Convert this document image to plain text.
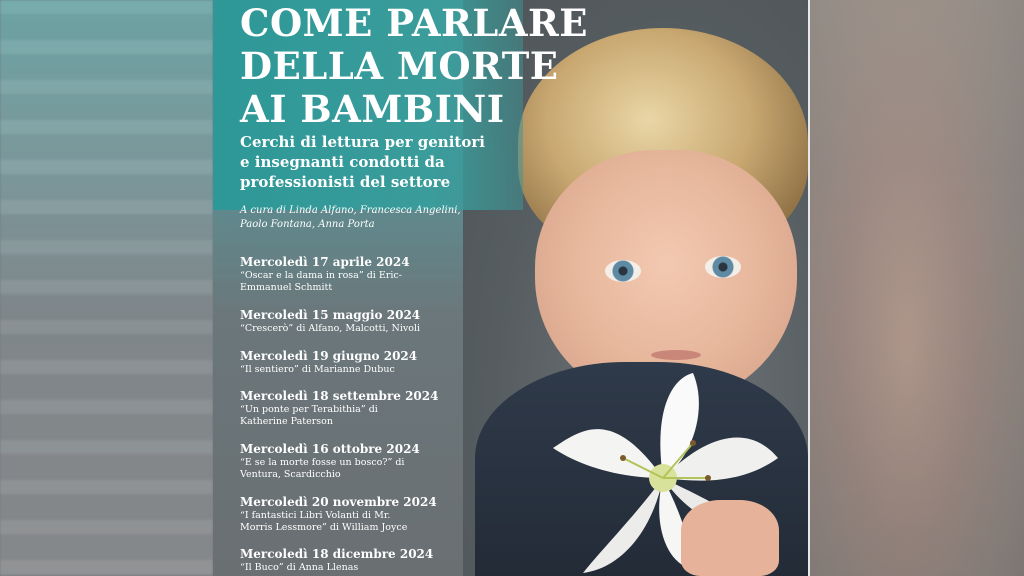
COME PARLARE
DELLA MORTE
AI BAMBINI
Cerchi di lettura per genitori
e insegnanti condotti da
professionisti del settore
A cura di Linda Alfano, Francesca Angelini,
Paolo Fontana, Anna Porta
Mercoledì 17 aprile 2024
“Oscar e la dama in rosa” di Eric-
Emmanuel Schmitt
Mercoledì 15 maggio 2024
“Crescerò” di Alfano, Malcotti, Nivoli
Mercoledì 19 giugno 2024
“Il sentiero” di Marianne Dubuc
Mercoledì 18 settembre 2024
“Un ponte per Terabithia” di
Katherine Paterson
Mercoledì 16 ottobre 2024
“E se la morte fosse un bosco?” di
Ventura, Scardicchio
Mercoledì 20 novembre 2024
“I fantastici Libri Volanti di Mr.
Morris Lessmore” di William Joyce
Mercoledì 18 dicembre 2024
“Il Buco” di Anna Llenas
